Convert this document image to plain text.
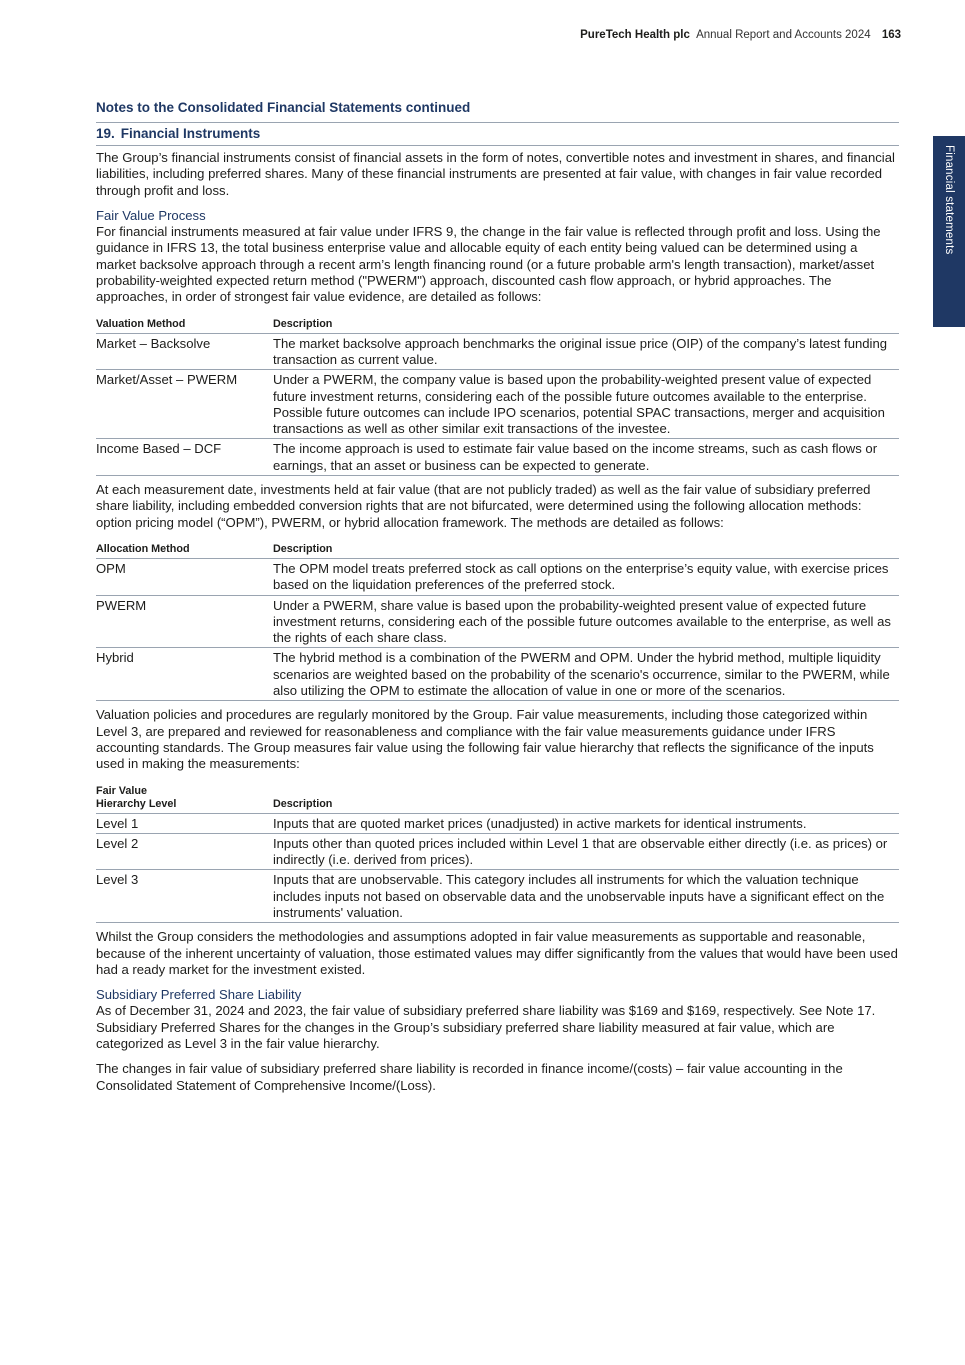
PureTech Health plc Annual Report and Accounts 2024 163
Financial statements
Notes to the Consolidated Financial Statements continued
19. Financial Instruments

The Group’s financial instruments consist of financial assets in the form of notes, convertible notes and investment in shares, and financial liabilities, including preferred shares. Many of these financial instruments are presented at fair value, with changes in fair value recorded through profit and loss.

Fair Value Process

For financial instruments measured at fair value under IFRS 9, the change in the fair value is reflected through profit and loss. Using the guidance in IFRS 13, the total business enterprise value and allocable equity of each entity being valued can be determined using a market backsolve approach through a recent arm’s length financing round (or a future probable arm's length transaction), market/asset probability-weighted expected return method ("PWERM") approach, discounted cash flow approach, or hybrid approaches. The approaches, in order of strongest fair value evidence, are detailed as follows:

Valuation Method	Description
Market – Backsolve	The market backsolve approach benchmarks the original issue price (OIP) of the company’s latest funding transaction as current value.
Market/Asset – PWERM	Under a PWERM, the company value is based upon the probability-weighted present value of expected future investment returns, considering each of the possible future outcomes available to the enterprise. Possible future outcomes can include IPO scenarios, potential SPAC transactions, merger and acquisition transactions as well as other similar exit transactions of the investee.
Income Based – DCF	The income approach is used to estimate fair value based on the income streams, such as cash flows or earnings, that an asset or business can be expected to generate.

At each measurement date, investments held at fair value (that are not publicly traded) as well as the fair value of subsidiary preferred share liability, including embedded conversion rights that are not bifurcated, were determined using the following allocation methods: option pricing model (“OPM”), PWERM, or hybrid allocation framework. The methods are detailed as follows:

Allocation Method	Description
OPM	The OPM model treats preferred stock as call options on the enterprise’s equity value, with exercise prices based on the liquidation preferences of the preferred stock.
PWERM	Under a PWERM, share value is based upon the probability-weighted present value of expected future investment returns, considering each of the possible future outcomes available to the enterprise, as well as the rights of each share class.
Hybrid	The hybrid method is a combination of the PWERM and OPM. Under the hybrid method, multiple liquidity scenarios are weighted based on the probability of the scenario's occurrence, similar to the PWERM, while also utilizing the OPM to estimate the allocation of value in one or more of the scenarios.

Valuation policies and procedures are regularly monitored by the Group. Fair value measurements, including those categorized within Level 3, are prepared and reviewed for reasonableness and compliance with the fair value measurements guidance under IFRS accounting standards. The Group measures fair value using the following fair value hierarchy that reflects the significance of the inputs used in making the measurements:

Fair Value
Hierarchy Level	Description
Level 1	Inputs that are quoted market prices (unadjusted) in active markets for identical instruments.
Level 2	Inputs other than quoted prices included within Level 1 that are observable either directly (i.e. as prices) or indirectly (i.e. derived from prices).
Level 3	Inputs that are unobservable. This category includes all instruments for which the valuation technique includes inputs not based on observable data and the unobservable inputs have a significant effect on the instruments' valuation.

Whilst the Group considers the methodologies and assumptions adopted in fair value measurements as supportable and reasonable, because of the inherent uncertainty of valuation, those estimated values may differ significantly from the values that would have been used had a ready market for the investment existed.

Subsidiary Preferred Share Liability

As of December 31, 2024 and 2023, the fair value of subsidiary preferred share liability was $169 and $169, respectively. See Note 17. Subsidiary Preferred Shares for the changes in the Group’s subsidiary preferred share liability measured at fair value, which are categorized as Level 3 in the fair value hierarchy.

The changes in fair value of subsidiary preferred share liability is recorded in finance income/(costs) – fair value accounting in the Consolidated Statement of Comprehensive Income/(Loss).
